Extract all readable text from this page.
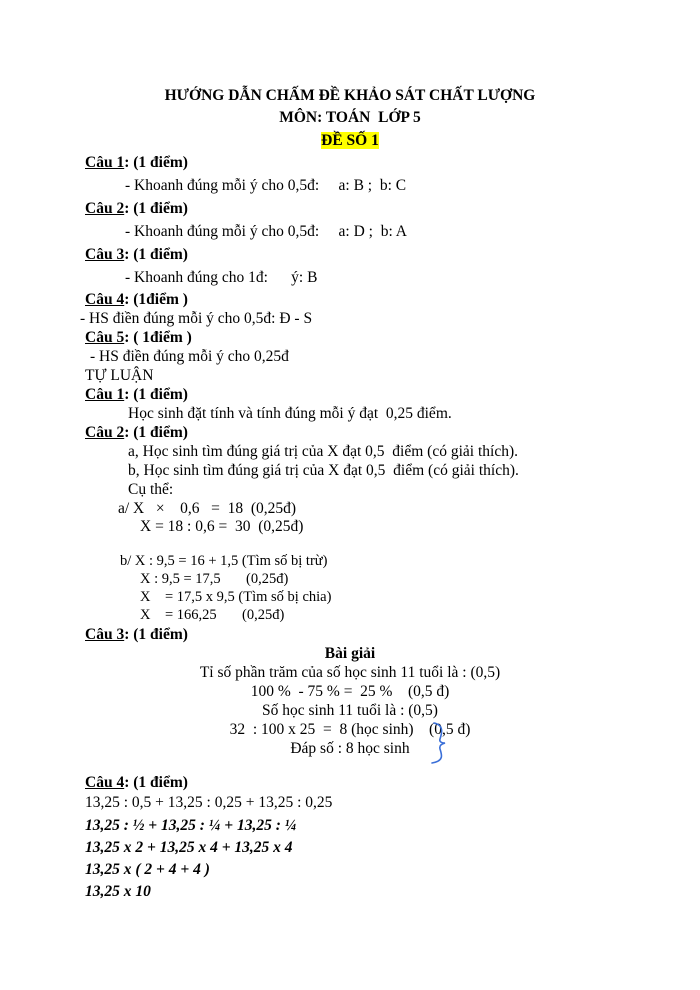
HƯỚNG DẪN CHẤM ĐỀ KHẢO SÁT CHẤT LƯỢNG
MÔN: TOÁN  LỚP 5
ĐỀ SỐ 1
Câu 1: (1 điểm)
- Khoanh đúng mỗi ý cho 0,5đ:     a: B ;  b: C
Câu 2: (1 điểm)
- Khoanh đúng mỗi ý cho 0,5đ:     a: D ;  b: A
Câu 3: (1 điểm)
- Khoanh đúng cho 1đ:      ý: B
Câu 4: (1điểm )
- HS điền đúng mỗi ý cho 0,5đ: Đ - S
Câu 5: ( 1điểm )
- HS điền đúng mỗi ý cho 0,25đ
TỰ LUẬN
Câu 1: (1 điểm)
Học sinh đặt tính và tính đúng mỗi ý đạt  0,25 điểm.
Câu 2: (1 điểm)
a, Học sinh tìm đúng giá trị của X đạt 0,5  điểm (có giải thích).
b, Học sinh tìm đúng giá trị của X đạt 0,5  điểm (có giải thích).
Cụ thể:
a/ X   ×    0,6   =  18  (0,25đ)
X = 18 : 0,6 =  30  (0,25đ)
b/ X : 9,5 = 16 + 1,5 (Tìm số bị trừ)
X : 9,5 = 17,5       (0,25đ)
X    = 17,5 x 9,5 (Tìm số bị chia)
X    = 166,25       (0,25đ)
Câu 3: (1 điểm)
Bài giải
Tỉ số phần trăm của số học sinh 11 tuổi là : (0,5)
100 %  - 75 % =  25 %    (0,5 đ)
Số học sinh 11 tuổi là : (0,5)
32  : 100 x 25  =  8 (học sinh)    (0,5 đ)
Đáp số : 8 học sinh
Câu 4: (1 điểm)
13,25 : 0,5 + 13,25 : 0,25 + 13,25 : 0,25
13,25 : ½ + 13,25 : ¼ + 13,25 : ¼
13,25 x 2 + 13,25 x 4 + 13,25 x 4
13,25 x ( 2 + 4 + 4 )
13,25 x 10
